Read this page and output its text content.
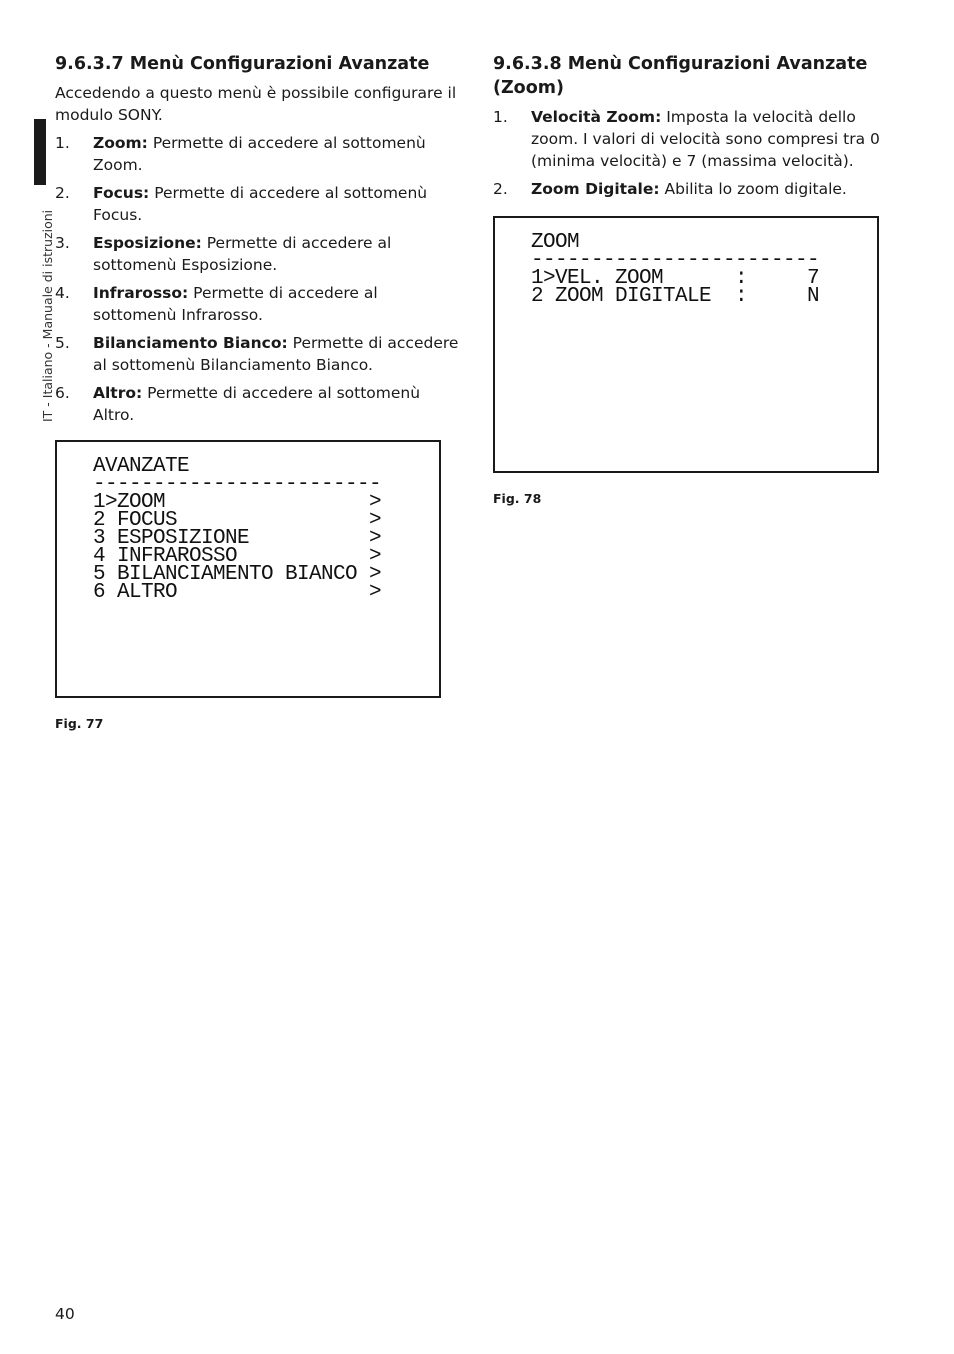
IT - Italiano - Manuale di istruzioni
9.6.3.7 Menù Configurazioni Avanzate

Accedendo a questo menù è possibile configurare il modulo SONY.

1. Zoom: Permette di accedere al sottomenù Zoom.
2. Focus: Permette di accedere al sottomenù Focus.
3. Esposizione: Permette di accedere al sottomenù Esposizione.
4. Infrarosso: Permette di accedere al sottomenù Infrarosso.
5. Bilanciamento Bianco: Permette di accedere al sottomenù Bilanciamento Bianco.
6. Altro: Permette di accedere al sottomenù Altro.
AVANZATE
------------------------
1>ZOOM                 >
2 FOCUS                >
3 ESPOSIZIONE          >
4 INFRAROSSO           >
5 BILANCIAMENTO BIANCO >
6 ALTRO                >
Fig. 77
9.6.3.8 Menù Configurazioni Avanzate (Zoom)
1. Velocità Zoom: Imposta la velocità dello zoom. I valori di velocità sono compresi tra 0 (minima velocità) e 7 (massima velocità).
2. Zoom Digitale: Abilita lo zoom digitale.
ZOOM
------------------------
1>VEL. ZOOM      :     7
2 ZOOM DIGITALE  :     N
Fig. 78
40
